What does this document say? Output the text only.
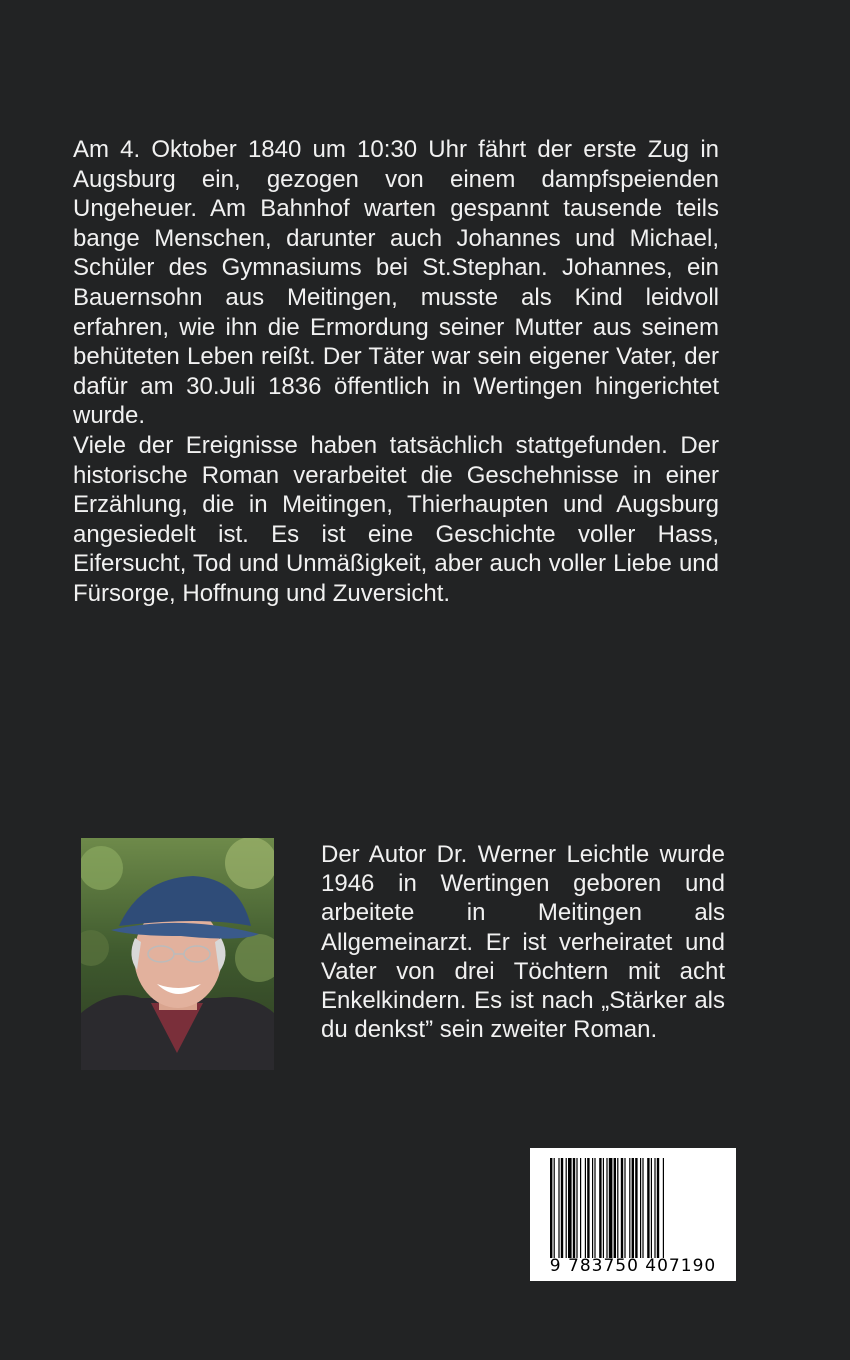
Am 4. Oktober 1840 um 10:30 Uhr fährt der erste Zug in Augsburg ein, gezogen von einem dampfspeienden Ungeheuer. Am Bahnhof warten gespannt tausende teils bange Menschen, darunter auch Johannes und Michael, Schüler des Gymnasiums bei St.Stephan. Johannes, ein Bauernsohn aus Meitingen, musste als Kind leidvoll erfahren, wie ihn die Ermordung seiner Mutter aus seinem behüteten Leben reißt. Der Täter war sein eigener Vater, der dafür am 30.Juli 1836 öffentlich in Wertingen hingerichtet wurde.

Viele der Ereignisse haben tatsächlich stattgefunden. Der historische Roman verarbeitet die Geschehnisse in einer Erzählung, die in Meitingen, Thierhaupten und Augsburg angesiedelt ist. Es ist eine Geschichte voller Hass, Eifersucht, Tod und Unmäßigkeit, aber auch voller Liebe und Fürsorge, Hoffnung und Zuversicht.

Der Autor Dr. Werner Leichtle wurde 1946 in Wertingen geboren und arbeitete in Meitingen als Allgemeinarzt. Er ist verheiratet und Vater von drei Töchtern mit acht Enkelkindern. Es ist nach „Stärker als du denkst” sein zweiter Roman.

9 783750 407190
